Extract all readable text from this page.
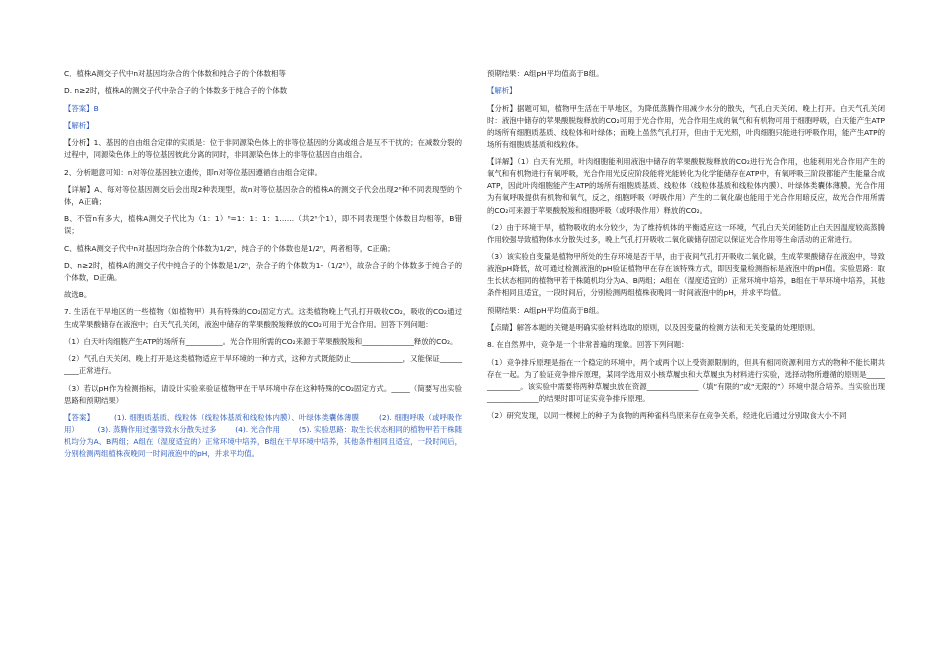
C．植株A测交子代中n对基因均杂合的个体数和纯合子的个体数相等

D. n≥2时，植株A的测交子代中杂合子的个体数多于纯合子的个体数

【答案】B

【解析】

【分析】1、基因的自由组合定律的实质是：位于非同源染色体上的非等位基因的分离或组合是互不干扰的；在减数分裂的过程中，同源染色体上的等位基因彼此分离的同时，非同源染色体上的非等位基因自由组合。

2、分析题意可知：n对等位基因独立遗传，即n对等位基因遵循自由组合定律。

【详解】A、每对等位基因测交后会出现2种表现型，故n对等位基因杂合的植株A的测交子代会出现2ⁿ种不同表现型的个体，A正确；

B、不管n有多大，植株A测交子代比为（1：1）ⁿ=1：1：1：1……（共2ⁿ个1），即不同表现型个体数目均相等，B错误；

C、植株A测交子代中n对基因均杂合的个体数为1/2ⁿ，纯合子的个体数也是1/2ⁿ，两者相等，C正确；

D、n≥2时，植株A的测交子代中纯合子的个体数是1/2ⁿ，杂合子的个体数为1-（1/2ⁿ），故杂合子的个体数多于纯合子的个体数，D正确。

故选B。

7. 生活在干旱地区的一些植物（如植物甲）具有特殊的CO₂固定方式。这类植物晚上气孔打开吸收CO₂，吸收的CO₂通过生成苹果酸储存在液泡中；白天气孔关闭，液泡中储存的苹果酸脱羧释放的CO₂可用于光合作用。回答下列问题：

（1）白天叶肉细胞产生ATP的场所有__________。光合作用所需的CO₂来源于苹果酸脱羧和______________释放的CO₂。

（2）气孔白天关闭、晚上打开是这类植物适应干旱环境的一种方式，这种方式既能防止______________，又能保证__________正常进行。

（3）若以pH作为检测指标，请设计实验来验证植物甲在干旱环境中存在这种特殊的CO₂固定方式。_____（简要写出实验思路和预期结果）

【答案】        (1). 细胞质基质、线粒体（线粒体基质和线粒体内膜）、叶绿体类囊体薄膜        (2). 细胞呼吸（或呼吸作用）        (3). 蒸腾作用过强导致水分散失过多        (4). 光合作用        (5). 实验思路：取生长状态相同的植物甲若干株随机均分为A、B两组；A组在（湿度适宜的）正常环境中培养，B组在干旱环境中培养，其他条件相同且适宜，一段时间后，分别检测两组植株夜晚同一时间液泡中的pH，并求平均值。

预期结果：A组pH平均值高于B组。

【解析】

【分析】据题可知，植物甲生活在干旱地区，为降低蒸腾作用减少水分的散失，气孔白天关闭、晚上打开。白天气孔关闭时：液泡中储存的苹果酸脱羧释放的CO₂可用于光合作用，光合作用生成的氧气和有机物可用于细胞呼吸，白天能产生ATP的场所有细胞质基质、线粒体和叶绿体；而晚上虽然气孔打开，但由于无光照，叶肉细胞只能进行呼吸作用，能产生ATP的场所有细胞质基质和线粒体。

【详解】（1）白天有光照，叶肉细胞能利用液泡中储存的苹果酸脱羧释放的CO₂进行光合作用，也能利用光合作用产生的氧气和有机物进行有氧呼吸，光合作用光反应阶段能将光能转化为化学能储存在ATP中，有氧呼吸三阶段都能产生能量合成ATP，因此叶肉细胞能产生ATP的场所有细胞质基质、线粒体（线粒体基质和线粒体内膜）、叶绿体类囊体薄膜。光合作用为有氧呼吸提供有机物和氧气，反之，细胞呼吸（呼吸作用）产生的二氧化碳也能用于光合作用暗反应，故光合作用所需的CO₂可来源于苹果酸脱羧和细胞呼吸（或呼吸作用）释放的CO₂。

（2）由于环境干旱，植物吸收的水分较少，为了维持机体的平衡适应这一环境，气孔白天关闭能防止白天因温度较高蒸腾作用较强导致植物体水分散失过多，晚上气孔打开吸收二氧化碳储存固定以保证光合作用等生命活动的正常进行。

（3）该实验自变量是植物甲所处的生存环境是否干旱，由于夜间气孔打开吸收二氧化碳，生成苹果酸储存在液泡中，导致液泡pH降低，故可通过检测液泡的pH验证植物甲在存在该特殊方式，即因变量检测指标是液泡中的pH值。实验思路：取生长状态相同的植物甲若干株随机均分为A、B两组；A组在（湿度适宜的）正常环境中培养，B组在干旱环境中培养，其他条件相同且适宜，一段时间后，分别检测两组植株夜晚同一时间液泡中的pH，并求平均值。

预期结果：A组pH平均值高于B组。

【点睛】解答本题的关键是明确实验材料选取的原则，以及因变量的检测方法和无关变量的处理原则。

8. 在自然界中，竞争是一个非常普遍的现象。回答下列问题：

（1）竞争排斥原理是指在一个稳定的环境中，两个或两个以上受资源限制的，但具有相同资源利用方式的物种不能长期共存在一起。为了验证竞争排斥原理，某同学选用双小核草履虫和大草履虫为材料进行实验，选择动物所遵循的原则是______________。该实验中需要将两种草履虫放在资源______________（填“有限的”或“无限的”）环境中混合培养。当实验出现______________的结果时即可证实竞争排斥原理。

（2）研究发现，以同一棵树上的种子为食物的两种雀科鸟原来存在竞争关系，经进化后通过分别取食大小不同
